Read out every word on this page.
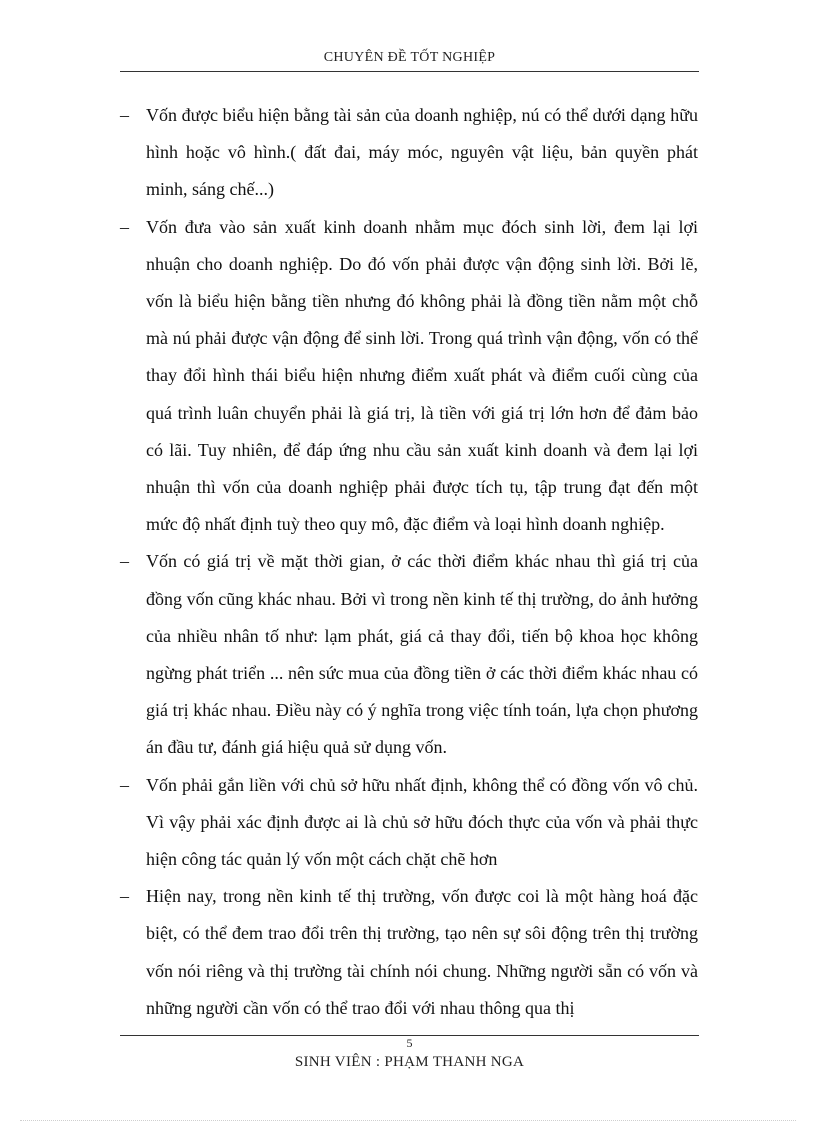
CHUYÊN ĐỀ TỐT NGHIỆP
– Vốn được biểu hiện bằng tài sản của doanh nghiệp, nú có thể dưới dạng hữu hình hoặc vô hình.( đất đai, máy móc, nguyên vật liệu, bản quyền phát minh, sáng chế...)
– Vốn đưa vào sản xuất kinh doanh nhằm mục đóch sinh lời, đem lại lợi nhuận cho doanh nghiệp. Do đó vốn phải được vận động sinh lời. Bởi lẽ, vốn là biểu hiện bằng tiền nhưng đó không phải là đồng tiền nằm một chỗ mà nú phải được vận động để sinh lời. Trong quá trình vận động, vốn có thể thay đổi hình thái biểu hiện nhưng điểm xuất phát và điểm cuối cùng của quá trình luân chuyển phải là giá trị, là tiền với giá trị lớn hơn để đảm bảo có lãi. Tuy nhiên, để đáp ứng nhu cầu sản xuất kinh doanh và đem lại lợi nhuận thì vốn của doanh nghiệp phải được tích tụ, tập trung đạt đến một mức độ nhất định tuỳ theo quy mô, đặc điểm và loại hình doanh nghiệp.
– Vốn có giá trị về mặt thời gian, ở các thời điểm khác nhau thì giá trị của đồng vốn cũng khác nhau. Bởi vì trong nền kinh tế thị trường, do ảnh hưởng của nhiều nhân tố như: lạm phát, giá cả thay đổi, tiến bộ khoa học không ngừng phát triển ... nên sức mua của đồng tiền ở các thời điểm khác nhau có giá trị khác nhau. Điều này có ý nghĩa trong việc tính toán, lựa chọn phương án đầu tư, đánh giá hiệu quả sử dụng vốn.
– Vốn phải gắn liền với chủ sở hữu nhất định, không thể có đồng vốn vô chủ. Vì vậy phải xác định được ai là chủ sở hữu đóch thực của vốn và phải thực hiện công tác quản lý vốn một cách chặt chẽ hơn
– Hiện nay, trong nền kinh tế thị trường, vốn được coi là một hàng hoá đặc biệt, có thể đem trao đổi trên thị trường, tạo nên sự sôi động trên thị trường vốn nói riêng và thị trường tài chính nói chung. Những người sẵn có vốn và những người cần vốn có thể trao đổi với nhau thông qua thị
5
SINH VIÊN : PHẠM THANH NGA
